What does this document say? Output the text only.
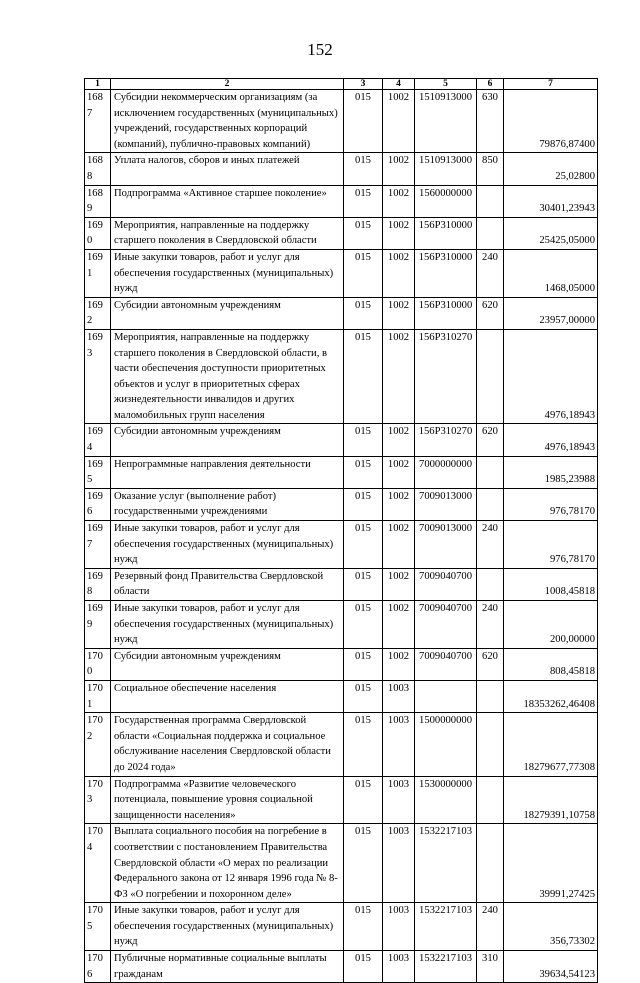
152
1	2	3	4	5	6	7
1687	Субсидии некоммерческим организациям (за исключением государственных (муниципальных) учреждений, государственных корпораций (компаний), публично-правовых компаний)	015	1002	1510913000	630	79876,87400
1688	Уплата налогов, сборов и иных платежей	015	1002	1510913000	850	25,02800
1689	Подпрограмма «Активное старшее поколение»	015	1002	1560000000		30401,23943
1690	Мероприятия, направленные на поддержку старшего поколения в Свердловской области	015	1002	156P310000		25425,05000
1691	Иные закупки товаров, работ и услуг для обеспечения государственных (муниципальных) нужд	015	1002	156P310000	240	1468,05000
1692	Субсидии автономным учреждениям	015	1002	156P310000	620	23957,00000
1693	Мероприятия, направленные на поддержку старшего поколения в Свердловской области, в части обеспечения доступности приоритетных объектов и услуг в приоритетных сферах жизнедеятельности инвалидов и других маломобильных групп населения	015	1002	156P310270		4976,18943
1694	Субсидии автономным учреждениям	015	1002	156P310270	620	4976,18943
1695	Непрограммные направления деятельности	015	1002	7000000000		1985,23988
1696	Оказание услуг (выполнение работ) государственными учреждениями	015	1002	7009013000		976,78170
1697	Иные закупки товаров, работ и услуг для обеспечения государственных (муниципальных) нужд	015	1002	7009013000	240	976,78170
1698	Резервный фонд Правительства Свердловской области	015	1002	7009040700		1008,45818
1699	Иные закупки товаров, работ и услуг для обеспечения государственных (муниципальных) нужд	015	1002	7009040700	240	200,00000
1700	Субсидии автономным учреждениям	015	1002	7009040700	620	808,45818
1701	Социальное обеспечение населения	015	1003			18353262,46408
1702	Государственная программа Свердловской области «Социальная поддержка и социальное обслуживание населения Свердловской области до 2024 года»	015	1003	1500000000		18279677,77308
1703	Подпрограмма «Развитие человеческого потенциала, повышение уровня социальной защищенности населения»	015	1003	1530000000		18279391,10758
1704	Выплата социального пособия на погребение в соответствии с постановлением Правительства Свердловской области «О мерах по реализации Федерального закона от 12 января 1996 года № 8-ФЗ «О погребении и похоронном деле»	015	1003	1532217103		39991,27425
1705	Иные закупки товаров, работ и услуг для обеспечения государственных (муниципальных) нужд	015	1003	1532217103	240	356,73302
1706	Публичные нормативные социальные выплаты гражданам	015	1003	1532217103	310	39634,54123
